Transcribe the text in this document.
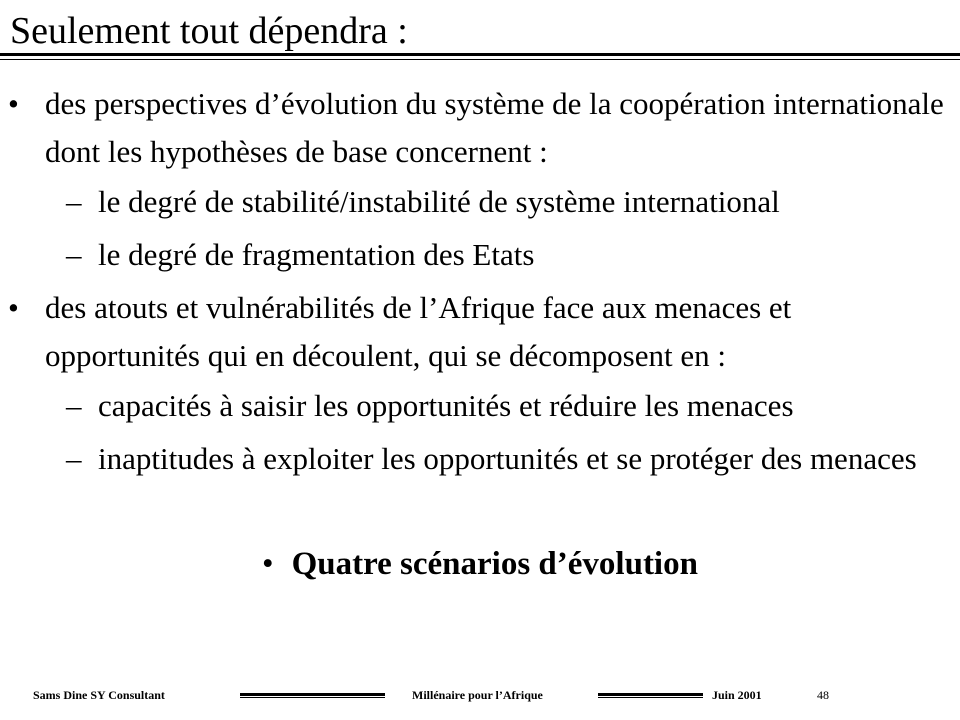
Seulement tout dépendra :
• des perspectives d’évolution du système de la coopération internationale dont les hypothèses de base concernent :
– le degré de stabilité/instabilité de système international
– le degré de fragmentation des Etats
• des atouts et vulnérabilités de l’Afrique face aux menaces et opportunités qui en découlent, qui se décomposent en :
– capacités à saisir les opportunités et réduire les menaces
– inaptitudes à exploiter les opportunités et se protéger des menaces
• Quatre scénarios d’évolution
Sams Dine SY Consultant	Millénaire pour l’Afrique	Juin 2001	48
